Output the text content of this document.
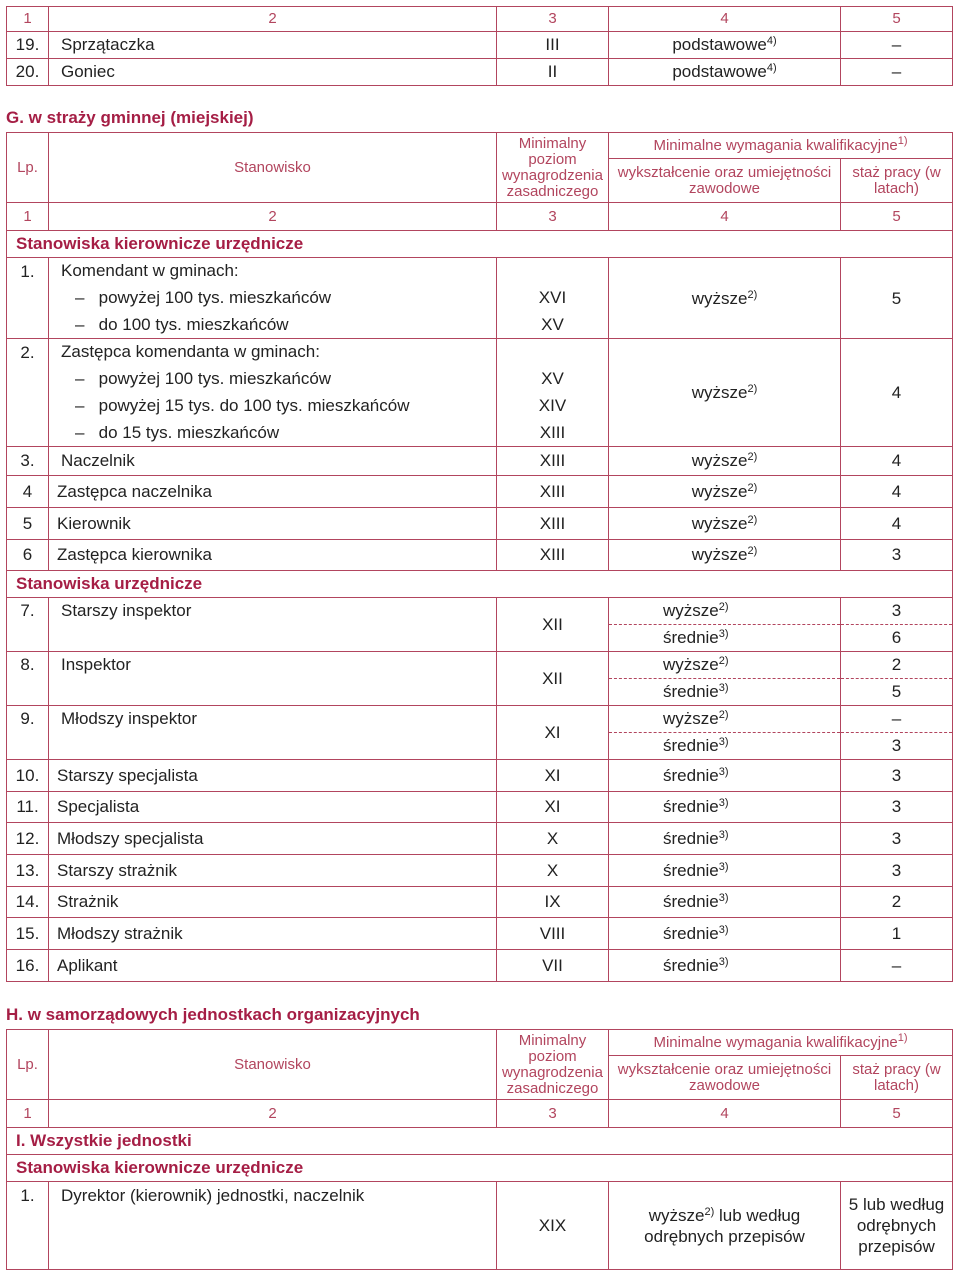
1	2	3	4	5
19.	Sprzątaczka	III	podstawowe$^{4)}$	–
20.	Goniec	II	podstawowe$^{4)}$	–
G. w straży gminnej (miejskiej)
Lp.	Stanowisko	Minimalny poziom wynagrodzenia zasadniczego	Minimalne wymagania kwalifikacyjne$^{1)}$
			wykształcenie oraz umiejętności zawodowe	staż pracy (w latach)
1	2	3	4	5
Stanowiska kierownicze urzędnicze				
1.	Komendant w gminach:			
	–   powyżej 100 tys. mieszkańców	XVI	wyższe$^{2)}$	5
	–   do 100 tys. mieszkańców	XV		
2.	Zastępca komendanta w gminach:		wyższe$^{2)}$	4
	–   powyżej 100 tys. mieszkańców	XV		
	–   powyżej 15 tys. do 100 tys. mieszkańców	XIV		
	–   do 15 tys. mieszkańców	XIII		
3.	Naczelnik	XIII	wyższe$^{2)}$	4
4	Zastępca naczelnika	XIII	wyższe$^{2)}$	4
5	Kierownik	XIII	wyższe$^{2)}$	4
6	Zastępca kierownika	XIII	wyższe$^{2)}$	3
Stanowiska urzędnicze				
7.	Starszy inspektor	XII	wyższe$^{2)}$	3
			średnie$^{3)}$	6
8.	Inspektor	XII	wyższe$^{2)}$	2
			średnie$^{3)}$	5
9.	Młodszy inspektor	XI	wyższe$^{2)}$	–
			średnie$^{3)}$	3
10.	Starszy specjalista	XI	średnie$^{3)}$	3
11.	Specjalista	XI	średnie$^{3)}$	3
12.	Młodszy specjalista	X	średnie$^{3)}$	3
13.	Starszy strażnik	X	średnie$^{3)}$	3
14.	Strażnik	IX	średnie$^{3)}$	2
15.	Młodszy strażnik	VIII	średnie$^{3)}$	1
16.	Aplikant	VII	średnie$^{3)}$	–
H. w samorządowych jednostkach organizacyjnych
Lp.	Stanowisko	Minimalny poziom wynagrodzenia zasadniczego	Minimalne wymagania kwalifikacyjne$^{1)}$
			wykształcenie oraz umiejętności zawodowe	staż pracy (w latach)
1	2	3	4	5
I. Wszystkie jednostki				
Stanowiska kierownicze urzędnicze				
1.	Dyrektor (kierownik) jednostki, naczelnik	XIX	wyższe$^{2)}$ lub według odrębnych przepisów	5 lub według odrębnych przepisów
